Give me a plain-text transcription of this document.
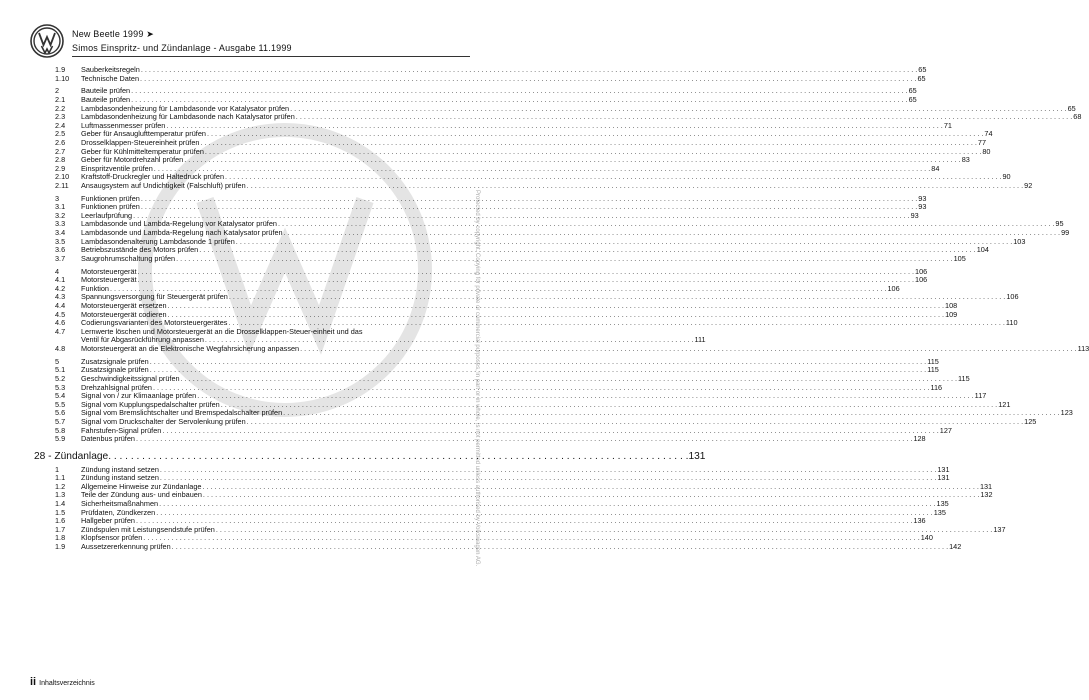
New Beetle 1999 ➤
Simos Einspritz- und Zündanlage - Ausgabe 11.1999
Protected by copyright. Copying for private or commercial purposes, in part or in whole, is not permitted unless authorised by Volkswagen AG.
1.9	Sauberkeitsregeln . . .	65
1.10	Technische Daten . . .	65
2	Bauteile prüfen . . .	65
2.1	Bauteile prüfen . . .	65
2.2	Lambdasondenheizung für Lambdasonde vor Katalysator prüfen . . .	65
2.3	Lambdasondenheizung für Lambdasonde nach Katalysator prüfen . . .	68
2.4	Luftmassenmesser prüfen . . .	71
2.5	Geber für Ansauglufttemperatur prüfen . . .	74
2.6	Drosselklappen-Steuereinheit prüfen . . .	77
2.7	Geber für Kühlmitteltemperatur prüfen . . .	80
2.8	Geber für Motordrehzahl prüfen . . .	83
2.9	Einspritzventile prüfen . . .	84
2.10	Kraftstoff-Druckregler und Haltedruck prüfen . . .	90
2.11	Ansaugsystem auf Undichtigkeit (Falschluft) prüfen . . .	92
3	Funktionen prüfen . . .	93
3.1	Funktionen prüfen . . .	93
3.2	Leerlaufprüfung . . .	93
3.3	Lambdasonde und Lambda-Regelung vor Katalysator prüfen . . .	95
3.4	Lambdasonde und Lambda-Regelung nach Katalysator prüfen . . .	99
3.5	Lambdasondenalterung Lambdasonde 1 prüfen . . .	103
3.6	Betriebszustände des Motors prüfen . . .	104
3.7	Saugrohrumschaltung prüfen . . .	105
4	Motorsteuergerät . . .	106
4.1	Motorsteuergerät . . .	106
4.2	Funktion . . .	106
4.3	Spannungsversorgung für Steuergerät prüfen . . .	106
4.4	Motorsteuergerät ersetzen . . .	108
4.5	Motorsteuergerät codieren . . .	109
4.6	Codierungsvarianten des Motorsteuergerätes . . .	110
4.7	Lernwerte löschen und Motorsteuergerät an die Drosselklappen-Steuer-einheit und das
Ventil für Abgasrückführung anpassen . . .	111
4.8	Motorsteuergerät an die Elektronische Wegfahrsicherung anpassen . . .	113
5	Zusatzsignale prüfen . . .	115
5.1	Zusatzsignale prüfen . . .	115
5.2	Geschwindigkeitssignal prüfen . . .	115
5.3	Drehzahlsignal prüfen . . .	116
5.4	Signal von / zur Klimaanlage prüfen . . .	117
5.5	Signal vom Kupplungspedalschalter prüfen . . .	121
5.6	Signal vom Bremslichtschalter und Bremspedalschalter prüfen . . .	123
5.7	Signal vom Druckschalter der Servolenkung prüfen . . .	125
5.8	Fahrstufen-Signal prüfen . . .	127
5.9	Datenbus prüfen . . .	128
28 - Zündanlage . . .	131
1	Zündung instand setzen . . .	131
1.1	Zündung instand setzen . . .	131
1.2	Allgemeine Hinweise zur Zündanlage . . .	131
1.3	Teile der Zündung aus- und einbauen . . .	132
1.4	Sicherheitsmaßnahmen . . .	135
1.5	Prüfdaten, Zündkerzen . . .	135
1.6	Hallgeber prüfen . . .	136
1.7	Zündspulen mit Leistungsendstufe prüfen . . .	137
1.8	Klopfsensor prüfen . . .	140
1.9	Aussetzererkennung prüfen . . .	142
ii Inhaltsverzeichnis
